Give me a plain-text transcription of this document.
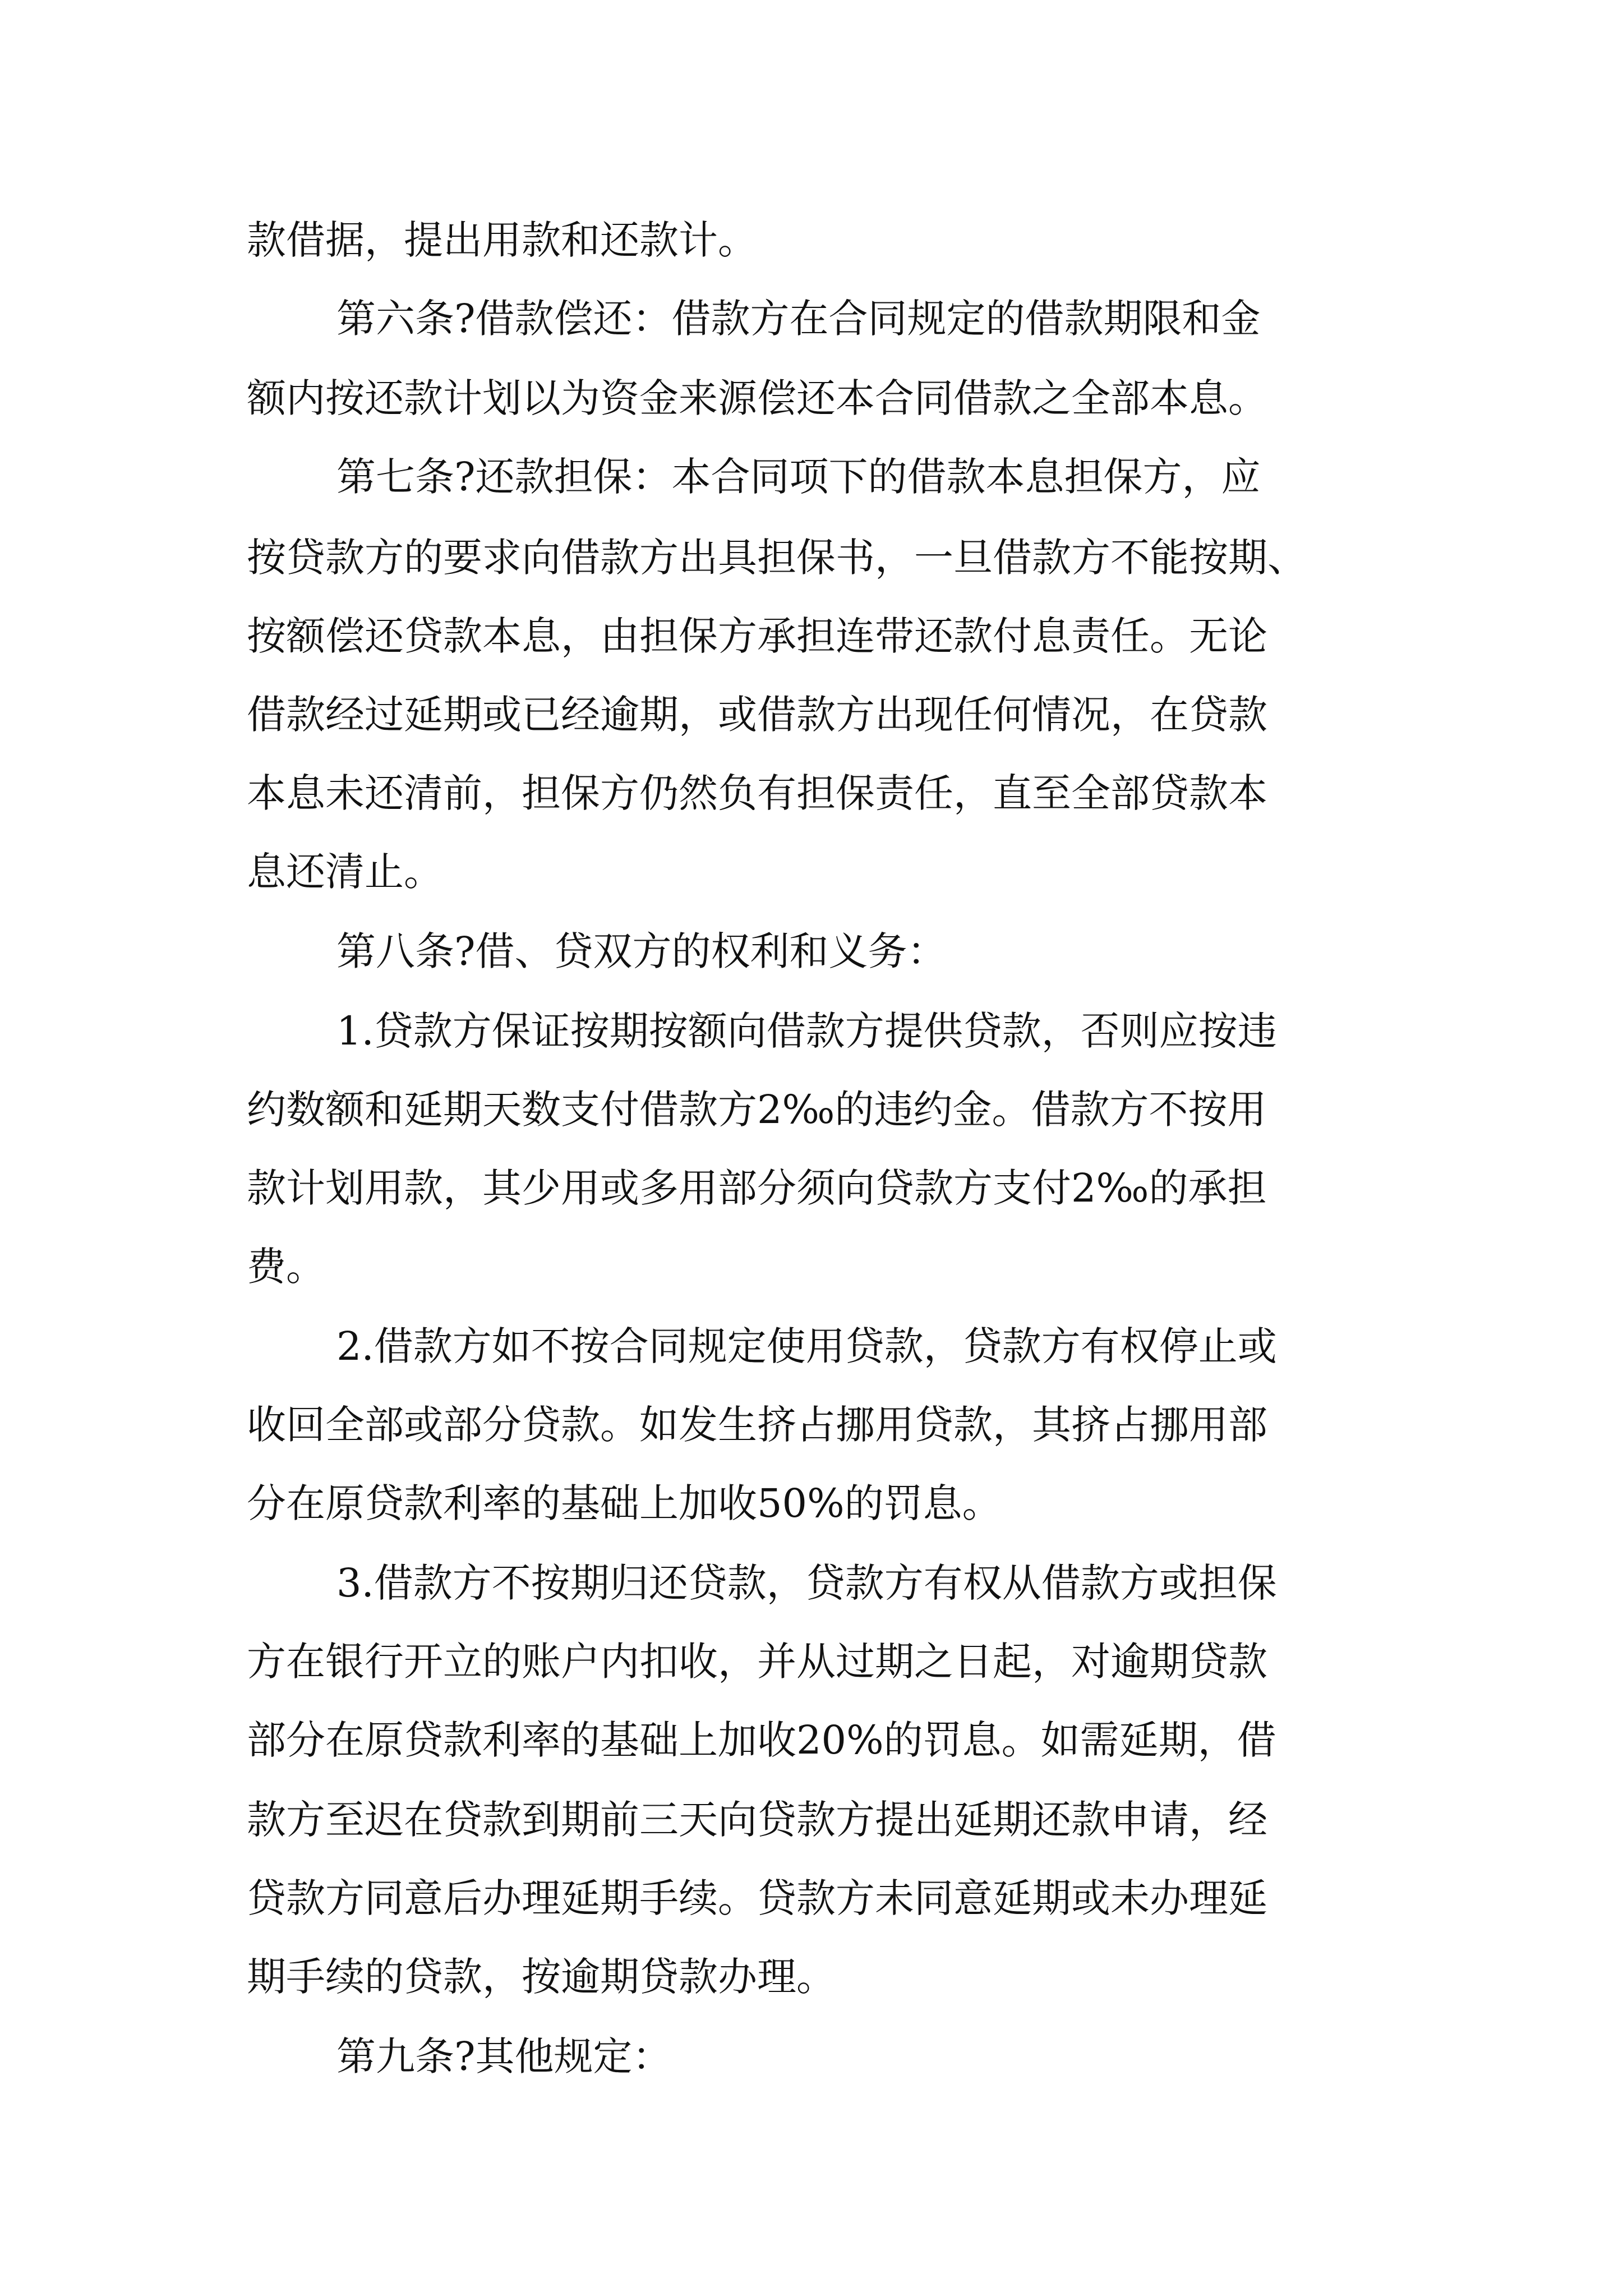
款借据，提出用款和还款计。
第六条?借款偿还：借款方在合同规定的借款期限和金
额内按还款计划以为资金来源偿还本合同借款之全部本息。
第七条?还款担保：本合同项下的借款本息担保方，应
按贷款方的要求向借款方出具担保书，一旦借款方不能按期、
按额偿还贷款本息，由担保方承担连带还款付息责任。无论
借款经过延期或已经逾期，或借款方出现任何情况，在贷款
本息未还清前，担保方仍然负有担保责任，直至全部贷款本
息还清止。
第八条?借、贷双方的权利和义务：
1.贷款方保证按期按额向借款方提供贷款，否则应按违
约数额和延期天数支付借款方2‰的违约金。借款方不按用
款计划用款，其少用或多用部分须向贷款方支付2‰的承担
费。
2.借款方如不按合同规定使用贷款，贷款方有权停止或
收回全部或部分贷款。如发生挤占挪用贷款，其挤占挪用部
分在原贷款利率的基础上加收50%的罚息。
3.借款方不按期归还贷款，贷款方有权从借款方或担保
方在银行开立的账户内扣收，并从过期之日起，对逾期贷款
部分在原贷款利率的基础上加收20%的罚息。如需延期，借
款方至迟在贷款到期前三天向贷款方提出延期还款申请，经
贷款方同意后办理延期手续。贷款方未同意延期或未办理延
期手续的贷款，按逾期贷款办理。
第九条?其他规定：
